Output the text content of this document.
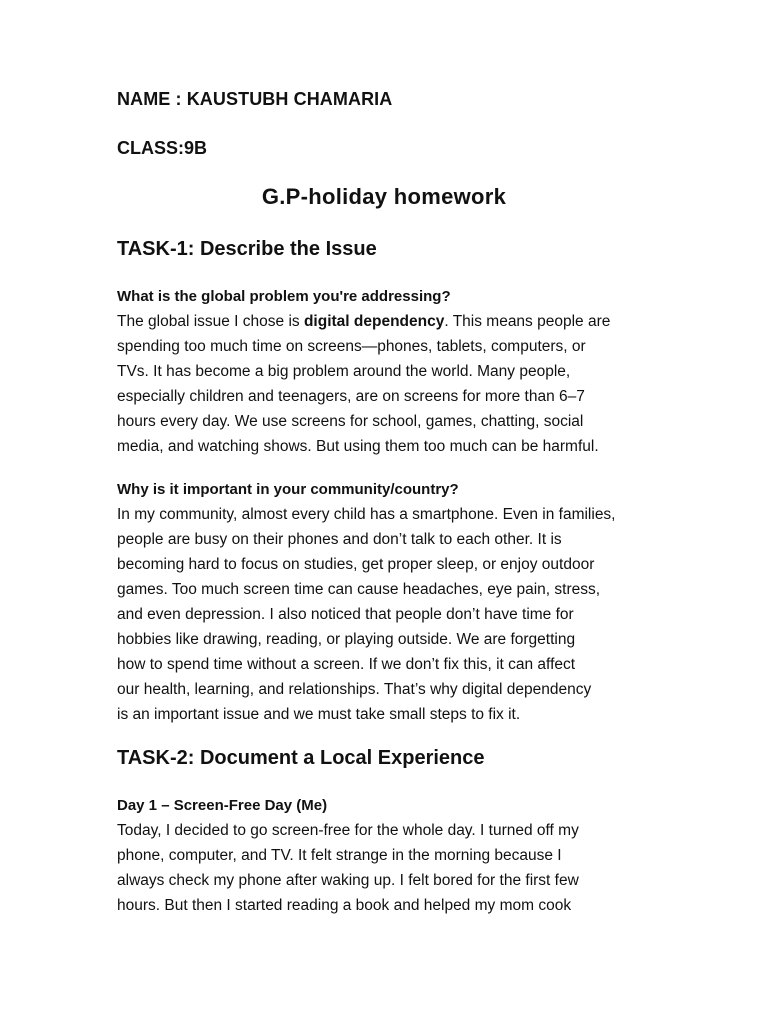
NAME : KAUSTUBH CHAMARIA
CLASS:9B
G.P-holiday homework
TASK-1: Describe the Issue
What is the global problem you're addressing?
The global issue I chose is digital dependency. This means people are
spending too much time on screens—phones, tablets, computers, or
TVs. It has become a big problem around the world. Many people,
especially children and teenagers, are on screens for more than 6–7
hours every day. We use screens for school, games, chatting, social
media, and watching shows. But using them too much can be harmful.
Why is it important in your community/country?
In my community, almost every child has a smartphone. Even in families,
people are busy on their phones and don’t talk to each other. It is
becoming hard to focus on studies, get proper sleep, or enjoy outdoor
games. Too much screen time can cause headaches, eye pain, stress,
and even depression. I also noticed that people don’t have time for
hobbies like drawing, reading, or playing outside. We are forgetting
how to spend time without a screen. If we don’t fix this, it can affect
our health, learning, and relationships. That’s why digital dependency
is an important issue and we must take small steps to fix it.
TASK-2: Document a Local Experience
Day 1 – Screen-Free Day (Me)
Today, I decided to go screen-free for the whole day. I turned off my
phone, computer, and TV. It felt strange in the morning because I
always check my phone after waking up. I felt bored for the first few
hours. But then I started reading a book and helped my mom cook
